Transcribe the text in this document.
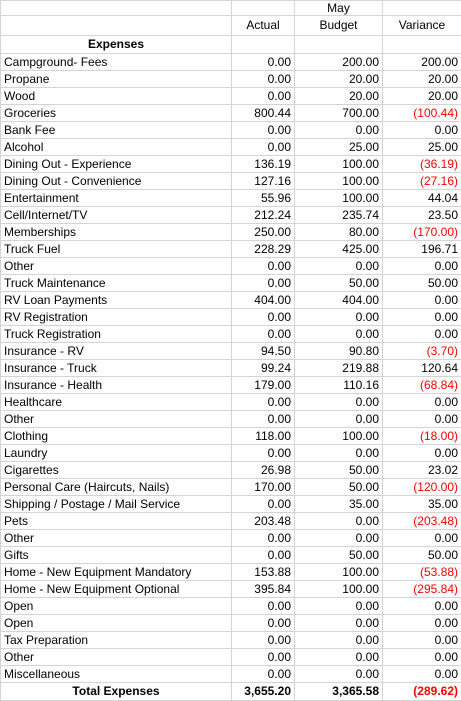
		May	
	Actual	Budget	Variance
Expenses			
Campground- Fees	0.00	200.00	200.00
Propane	0.00	20.00	20.00
Wood	0.00	20.00	20.00
Groceries	800.44	700.00	(100.44)
Bank Fee	0.00	0.00	0.00
Alcohol	0.00	25.00	25.00
Dining Out - Experience	136.19	100.00	(36.19)
Dining Out - Convenience	127.16	100.00	(27.16)
Entertainment	55.96	100.00	44.04
Cell/Internet/TV	212.24	235.74	23.50
Memberships	250.00	80.00	(170.00)
Truck Fuel	228.29	425.00	196.71
Other	0.00	0.00	0.00
Truck Maintenance	0.00	50.00	50.00
RV Loan Payments	404.00	404.00	0.00
RV Registration	0.00	0.00	0.00
Truck Registration	0.00	0.00	0.00
Insurance - RV	94.50	90.80	(3.70)
Insurance - Truck	99.24	219.88	120.64
Insurance - Health	179.00	110.16	(68.84)
Healthcare	0.00	0.00	0.00
Other	0.00	0.00	0.00
Clothing	118.00	100.00	(18.00)
Laundry	0.00	0.00	0.00
Cigarettes	26.98	50.00	23.02
Personal Care (Haircuts, Nails)	170.00	50.00	(120.00)
Shipping / Postage / Mail Service	0.00	35.00	35.00
Pets	203.48	0.00	(203.48)
Other	0.00	0.00	0.00
Gifts	0.00	50.00	50.00
Home - New Equipment Mandatory	153.88	100.00	(53.88)
Home - New Equipment Optional	395.84	100.00	(295.84)
Open	0.00	0.00	0.00
Open	0.00	0.00	0.00
Tax Preparation	0.00	0.00	0.00
Other	0.00	0.00	0.00
Miscellaneous	0.00	0.00	0.00
Total Expenses	3,655.20	3,365.58	(289.62)
